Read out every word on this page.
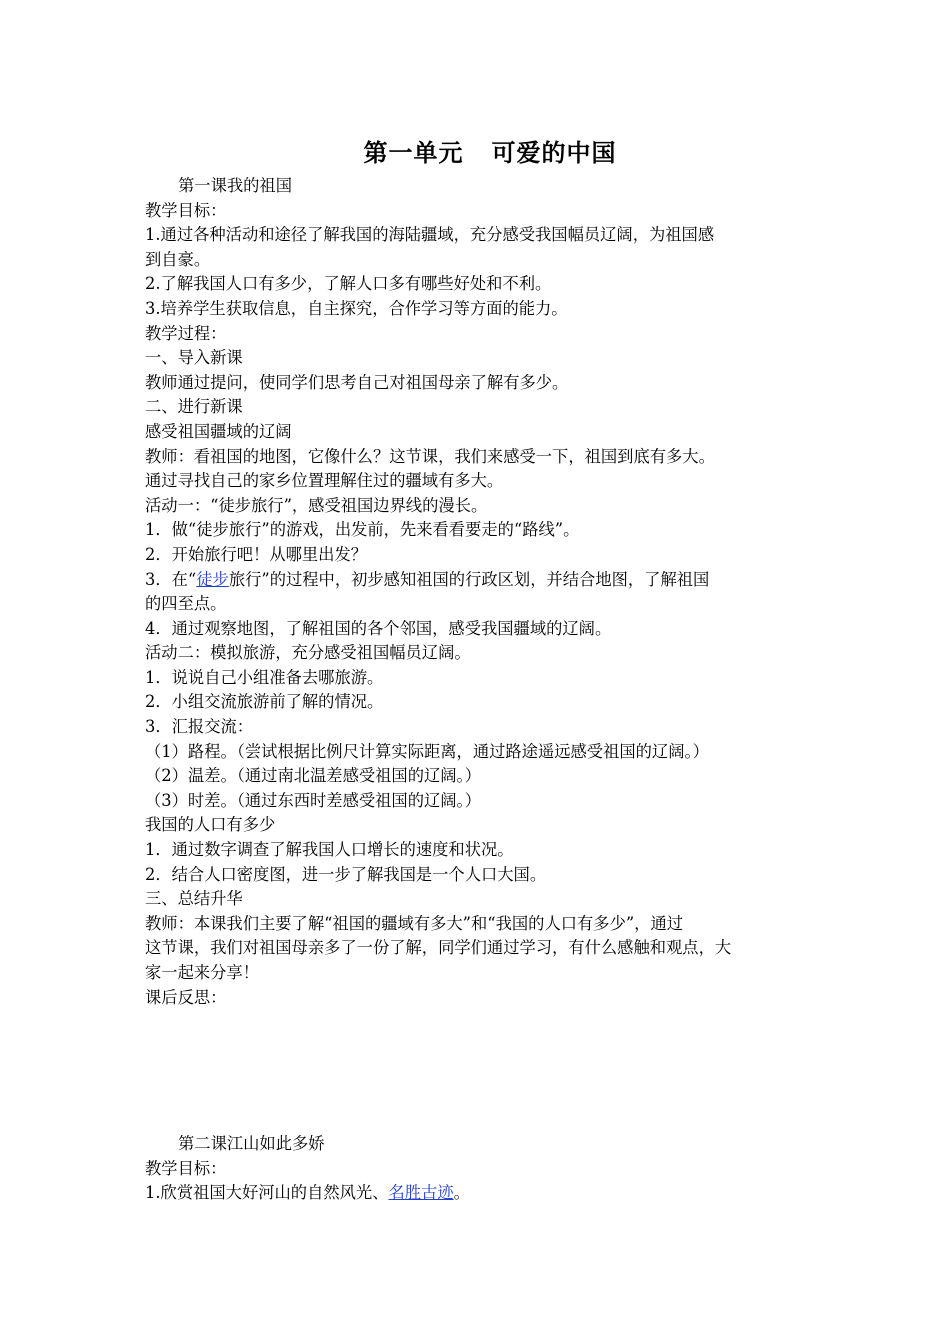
第一单元 可爱的中国

第一课我的祖国

教学目标：

1.通过各种活动和途径了解我国的海陆疆域，充分感受我国幅员辽阔，为祖国感

到自豪。

2.了解我国人口有多少，了解人口多有哪些好处和不利。

3.培养学生获取信息，自主探究，合作学习等方面的能力。

教学过程：

一、导入新课

教师通过提问，使同学们思考自己对祖国母亲了解有多少。

二、进行新课

感受祖国疆域的辽阔

教师：看祖国的地图，它像什么？这节课，我们来感受一下，祖国到底有多大。

通过寻找自己的家乡位置理解住过的疆域有多大。

活动一：“徒步旅行”，感受祖国边界线的漫长。

1．做“徒步旅行”的游戏，出发前，先来看看要走的“路线”。

2．开始旅行吧！从哪里出发？

3．在“徒步旅行”的过程中，初步感知祖国的行政区划，并结合地图，了解祖国

的四至点。

4．通过观察地图，了解祖国的各个邻国，感受我国疆域的辽阔。

活动二：模拟旅游，充分感受祖国幅员辽阔。

1．说说自己小组准备去哪旅游。

2．小组交流旅游前了解的情况。

3．汇报交流：

（1）路程。（尝试根据比例尺计算实际距离，通过路途遥远感受祖国的辽阔。）

（2）温差。（通过南北温差感受祖国的辽阔。）

（3）时差。（通过东西时差感受祖国的辽阔。）

我国的人口有多少

1．通过数字调查了解我国人口增长的速度和状况。

2．结合人口密度图，进一步了解我国是一个人口大国。

三、总结升华

教师：本课我们主要了解“祖国的疆域有多大”和“我国的人口有多少”，通过

这节课，我们对祖国母亲多了一份了解，同学们通过学习，有什么感触和观点，大

家一起来分享！

课后反思：

第二课江山如此多娇

教学目标：

1.欣赏祖国大好河山的自然风光、名胜古迹。
